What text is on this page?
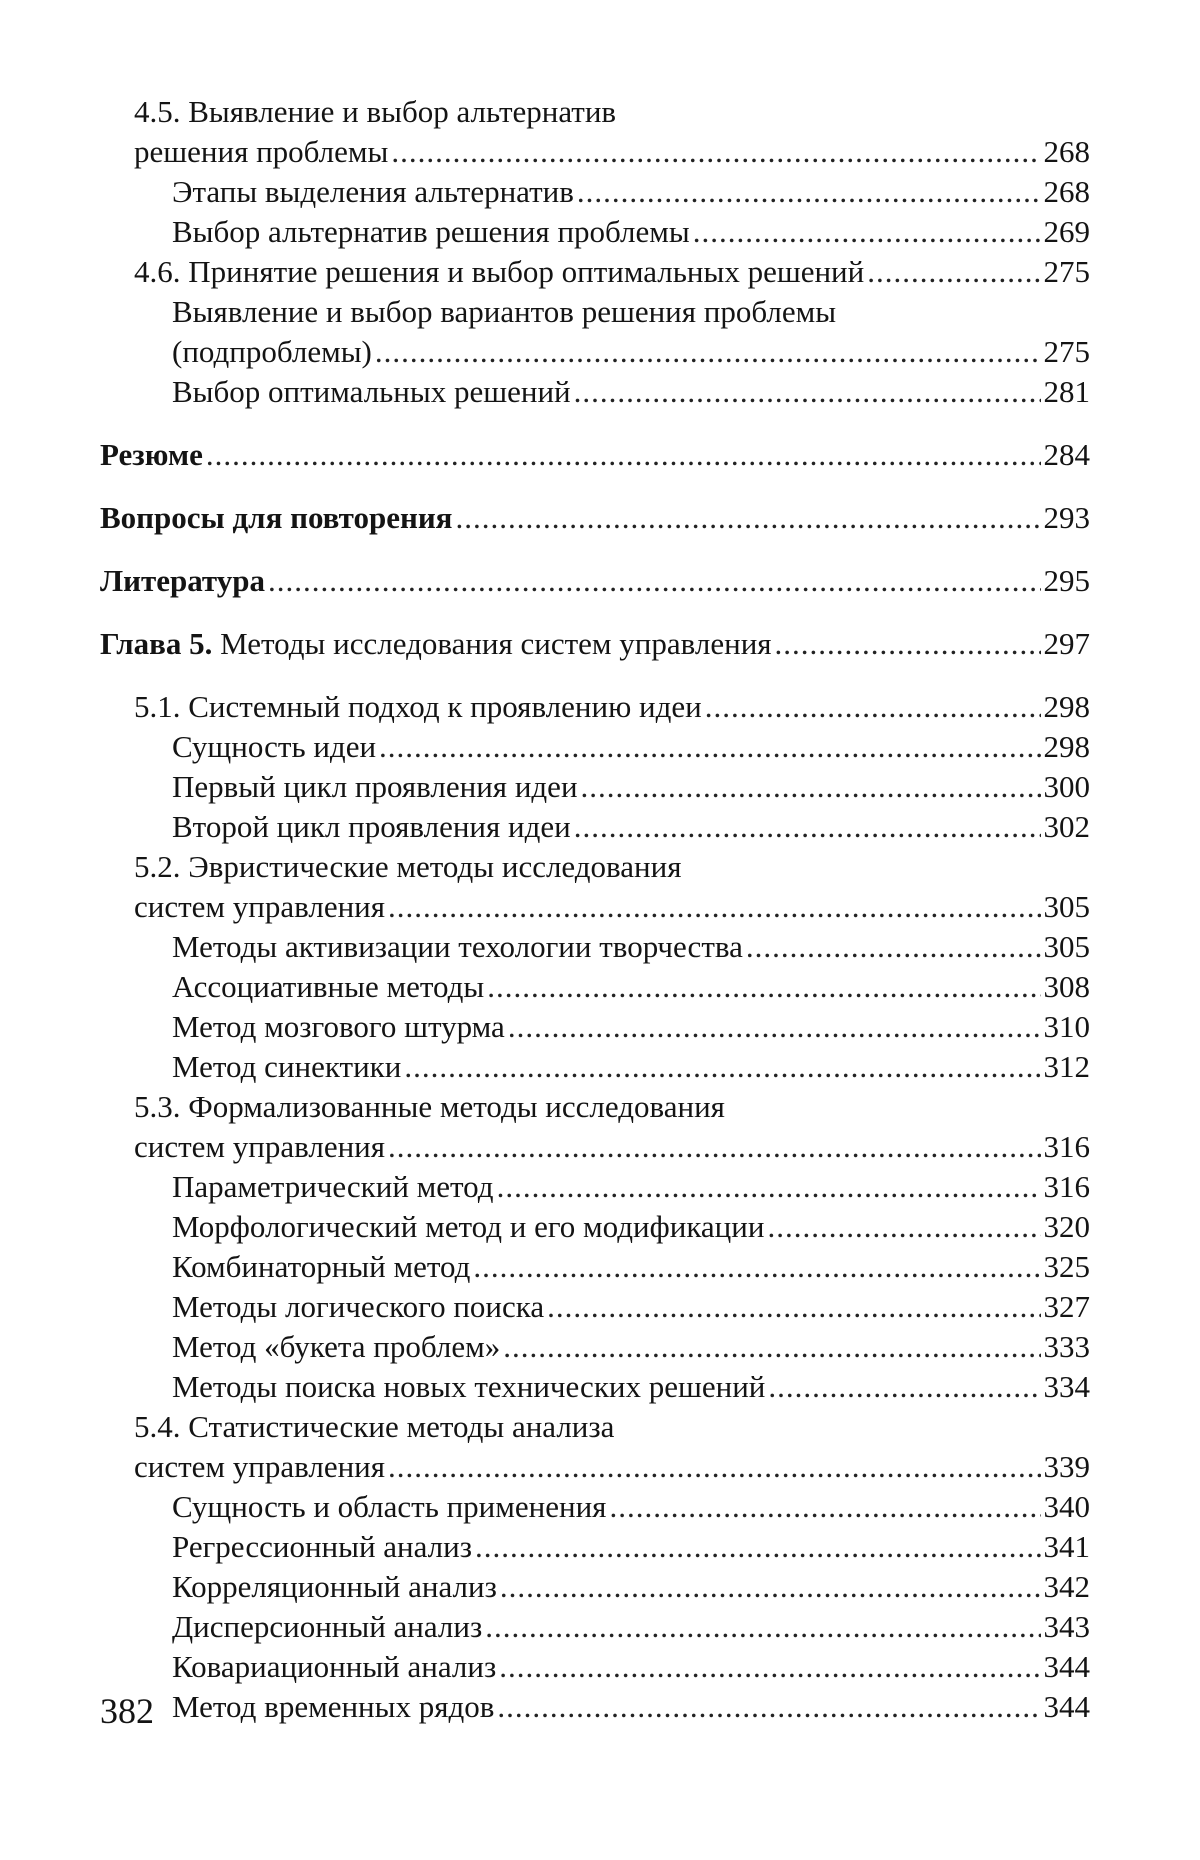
4.5. Выявление и выбор альтернатив
решения проблемы .....	268
Этапы выделения альтернатив .....	268
Выбор альтернатив решения проблемы .....	269
4.6. Принятие решения и выбор оптимальных решений .....	275
Выявление и выбор вариантов решения проблемы
(подпроблемы) .....	275
Выбор оптимальных решений .....	281
Резюме .....	284
Вопросы для повторения .....	293
Литература .....	295
Глава 5. Методы исследования систем управления .....	297
5.1. Системный подход к проявлению идеи .....	298
Сущность идеи .....	298
Первый цикл проявления идеи .....	300
Второй цикл проявления идеи .....	302
5.2. Эвристические методы исследования
систем управления .....	305
Методы активизации техологии творчества .....	305
Ассоциативные методы .....	308
Метод мозгового штурма .....	310
Метод синектики .....	312
5.3. Формализованные методы исследования
систем управления .....	316
Параметрический метод .....	316
Морфологический метод и его модификации .....	320
Комбинаторный метод .....	325
Методы логического поиска .....	327
Метод «букета проблем» .....	333
Методы поиска новых технических решений .....	334
5.4. Статистические методы анализа
систем управления .....	339
Сущность и область применения .....	340
Регрессионный анализ .....	341
Корреляционный анализ .....	342
Дисперсионный анализ .....	343
Ковариационный анализ .....	344
Метод временных рядов .....	344
382
